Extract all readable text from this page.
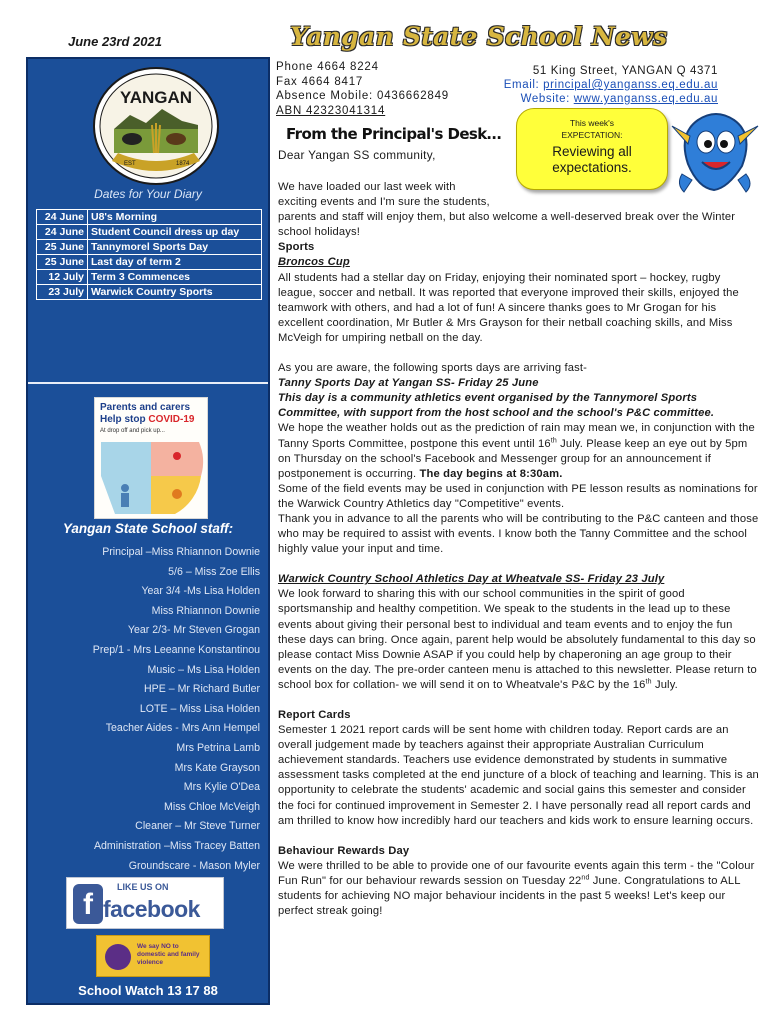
June 23rd 2021
YANGAN
EST	1874
Dates for Your Diary
24 June	U8's Morning
24 June	Student Council dress up day
25 June	Tannymorel Sports Day
25 June	Last day of term 2
12 July	Term 3 Commences
23 July	Warwick Country Sports
Parents and carers
Help stop COVID-19
At drop off and pick up...
Yangan State School staff:
Principal –Miss Rhiannon Downie
5/6 – Miss Zoe Ellis
Year 3/4 -Ms Lisa Holden
Miss Rhiannon Downie
Year 2/3- Mr Steven Grogan
Prep/1 - Mrs Leeanne Konstantinou
Music – Ms Lisa Holden
HPE – Mr Richard Butler
LOTE – Miss Lisa Holden
Teacher Aides - Mrs Ann Hempel
Mrs Petrina Lamb
Mrs Kate Grayson
Mrs Kylie O'Dea
Miss Chloe McVeigh
Cleaner – Mr Steve Turner
Administration –Miss Tracey Batten
Groundscare - Mason Myler
f
LIKE US ON
facebook
We say NO to domestic and family violence
School Watch 13 17 88
Yangan State School News
Phone 4664 8224
Fax 4664 8417
Absence Mobile: 0436662849
ABN 42323041314
51 King Street, YANGAN Q 4371
Email: principal@yanganss.eq.edu.au
Website: www.yanganss.eq.edu.au
From the Principal's Desk…
Dear Yangan SS community,
This week's
EXPECTATION:
Reviewing all expectations.

We have loaded our last week with

exciting events and I'm sure the students,

parents and staff will enjoy them, but also welcome a well-deserved break over the Winter school holidays!

Sports

Broncos Cup

All students had a stellar day on Friday, enjoying their nominated sport – hockey, rugby league, soccer and netball. It was reported that everyone improved their skills, enjoyed the teamwork with others, and had a lot of fun! A sincere thanks goes to Mr Grogan for his excellent coordination, Mr Butler & Mrs Grayson for their netball coaching skills, and Miss McVeigh for umpiring netball on the day.

As you are aware, the following sports days are arriving fast-

Tanny Sports Day at Yangan SS- Friday 25 June

This day is a community athletics event organised by the Tannymorel Sports Committee, with support from the host school and the school's P&C committee.

We hope the weather holds out as the prediction of rain may mean we, in conjunction with the Tanny Sports Committee, postpone this event until 16th July. Please keep an eye out by 5pm on Thursday on the school's Facebook and Messenger group for an announcement if postponement is occurring. The day begins at 8:30am.

Some of the field events may be used in conjunction with PE lesson results as nominations for the Warwick Country Athletics day "Competitive" events.

Thank you in advance to all the parents who will be contributing to the P&C canteen and those who may be required to assist with events. I know both the Tanny Committee and the school highly value your input and time.

Warwick Country School Athletics Day at Wheatvale SS- Friday 23 July

We look forward to sharing this with our school communities in the spirit of good sportsmanship and healthy competition. We speak to the students in the lead up to these events about giving their personal best to individual and team events and to enjoy the fun these days can bring. Once again, parent help would be absolutely fundamental to this day so please contact Miss Downie ASAP if you could help by chaperoning an age group to their events on the day. The pre-order canteen menu is attached to this newsletter. Please return to school box for collation- we will send it on to Wheatvale's P&C by the 16th July.

Report Cards

Semester 1 2021 report cards will be sent home with children today. Report cards are an overall judgement made by teachers against their appropriate Australian Curriculum achievement standards. Teachers use evidence demonstrated by students in summative assessment tasks completed at the end juncture of a block of teaching and learning. This is an opportunity to celebrate the students' academic and social gains this semester and consider the foci for continued improvement in Semester 2. I have personally read all report cards and am thrilled to know how incredibly hard our teachers and kids work to ensure learning occurs.

Behaviour Rewards Day

We were thrilled to be able to provide one of our favourite events again this term - the "Colour Fun Run" for our behaviour rewards session on Tuesday 22nd June. Congratulations to ALL students for achieving NO major behaviour incidents in the past 5 weeks! Let's keep our perfect streak going!
